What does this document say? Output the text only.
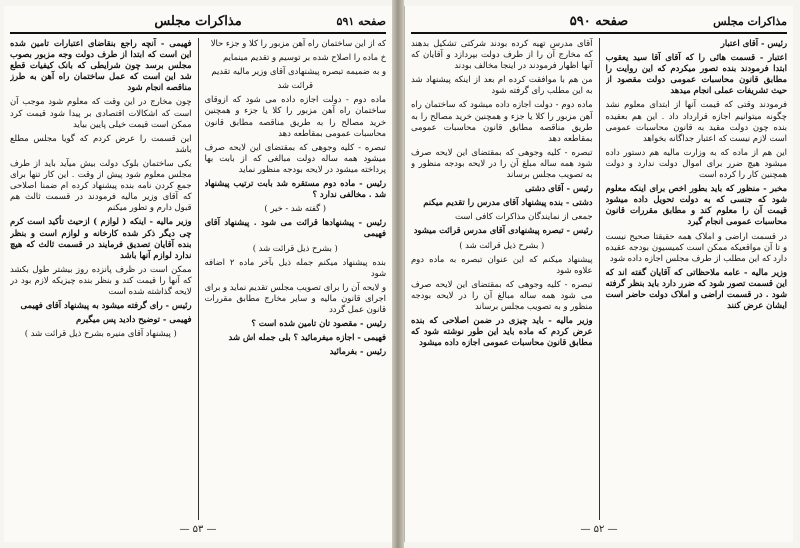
صفحه ۵۹۱
مذاکرات مجلس

که از این ساختمان راه آهن مزبور را کلا و جزء حالا

خ ماده را اصلاح شده بر توسیم و تقدیم مینمایم

و به ضمیمه تبصره پیشنهادی آقای وزیر مالیه تقدیم

قرائت شد

ماده دوم - دولت اجازه داده می شود که ازوقای ساختمان راه آهن مزبور را کلا یا جزء و همچنین خرید مصالح را به طریق مناقصه مطابق قانون محاسبات عمومی بمقاطعه دهد

تبصره - کلیه وجوهی که بمقتضای این لایحه صرف میشود همه ساله دولت مبالغی که از بابت بها پرداخته میشود در لایحه بودجه منظور نماید

رئیس - ماده دوم مستقره شد بابت ترتیب پیشنهاد شد . مخالفی ندارد ؟

( گفته شد - خیر )

رئیس - پیشنهادها قرائت می شود . پیشنهاد آقای فهیمی

( بشرح ذیل قرائت شد )

بنده پیشنهاد میکنم جمله ذیل بآخر ماده ۲ اضافه شود

و لایحه آن را برای تصویب مجلس تقدیم نماید و برای اجرای قانون مالیه و سایر مخارج مطابق مقررات قانون عمل گردد

رئیس - مقصود تان تامین شده است ؟

فهیمی - اجازه میفرمائید ؟ بلی جمله اش شد

رئیس - بفرمائید

فهیمی - آنچه راجع بنقاضای اعتبارات تامین شده این است که ابتدا از طرف دولت وجه مزبور بصوب مجلس برسد چون شرایطی که بانک کیفیات قطع شد این است که عمل ساختمان راه آهن به طرز مناقصه انجام شود

چون مخارج در این وقت که معلوم شود موجب آن است که اشکالات اقتصادی بر پیدا شود قیمت کرد ممکن است قیمت خیلی پایین بیاید

این قسمت را عرض کردم که گویا مجلس مطلع باشد

یکی ساختمان بلوک دولت بیش میآید باید از طرف مجلس معلوم شود پیش از وقت . این کار تنها برای جمع کردن نامه بنده پیشنهاد کرده ام ضمنا اصلاحی که آقای وزیر مالیه فرمودند در قسمت ثالث هم قبول دارم و تطور میکنم

وزیر مالیه - اینکه ( لوازم ) ازحیث تأکید است کرم چی دیگر ذکر شده کارخانه و لوازم است و بنظر بنده آقایان تصدیق فرمایند در قسمت ثالث که هیچ ندارد لوازم آنها باشد

ممکن است در ظرف پانزده روز بیشتر طول بکشد که آنها را قیمت کند و بنظر بنده چیزیکه لازم بود در لایحه گذاشته شده است

رئیس - رای گرفته میشود به پیشنهاد آقای فهیمی

فهیمی - توضیح دادید پس میگیرم

( پیشنهاد آقای منیره بشرح ذیل قرائت شد )

— ۵۳ —
مذاکرات مجلس
صفحه ۵۹۰

رئیس - آقای اعتبار

اعتبار - قسمت هائی را که آقای آقا سید یعقوب ابتدا فرمودند بنده تصور میکردم که این روایت را مطابق قانون محاسبات عمومی دولت مقصود از حیث تشریفات عملی انجام میدهد

فرمودند وقتی که قیمت آنها از ابتدای معلوم نشد چگونه میتوانیم اجازه قرارداد داد . این هم بعقیده بنده چون دولت مقید به قانون محاسبات عمومی است لازم نیست که اعتبار جداگانه بخواهد

این هم از ماده که به وزارت مالیه هم دستور داده میشود هیچ ضرر برای اموال دولت ندارد و دولت همچنین کار را کرده است

مخبر - منظور که باید بطور اخص برای اینکه معلوم شود که جنسی که به دولت تحویل داده میشود قیمت آن را معلوم کند و مطابق مقررات قانون محاسبات عمومی انجام گیرد

در قسمت اراضی و املاک همه حقیقتا صحیح نیست و تا آن مواقعیکه ممکن است کمیسیون بودجه عقیده دارد که این مطلب از طرف مجلس اجازه داده شود

وزیر مالیه - عامه ملاحظاتی که آقایان گفته اند که این قسمت تصور شود که ضرر دارد باید بنظر گرفته شود . در قسمت اراضی و املاک دولت حاضر است ایشان عرض کنند

آقای مدرس تهیه کرده بودند شرکتی تشکیل بدهند که مخارج آن را از طرف دولت بپردازد و آقایان که آنها اظهار فرمودند در اینجا مخالف بودند

من هم با موافقت کرده ام بعد از اینکه پیشنهاد شد به این مطلب رای گرفته شود

ماده دوم - دولت اجازه داده میشود که ساختمان راه آهن مزبور را کلا یا جزء و همچنین خرید مصالح را به طریق مناقصه مطابق قانون محاسبات عمومی بمقاطعه دهد

تبصره - کلیه وجوهی که بمقتضای این لایحه صرف شود همه ساله مبلغ آن را در لایحه بودجه منظور و به تصویب مجلس برساند

رئیس - آقای دشتی

دشتی - بنده پیشنهاد آقای مدرس را تقدیم میکنم

جمعی از نمایندگان مذاکرات کافی است

رئیس - تبصره پیشنهادی آقای مدرس قرائت میشود

( بشرح ذیل قرائت شد )

پیشنهاد میکنم که این عنوان تبصره به ماده دوم علاوه شود

تبصره - کلیه وجوهی که بمقتضای این لایحه صرف می شود همه ساله مبالغ آن را در لایحه بودجه منظور و به تصویب مجلس برساند

وزیر مالیه - باید چیزی در ضمن اصلاحی که بنده عرض کردم که ماده باید این طور نوشته شود که مطابق قانون محاسبات عمومی اجازه داده میشود

— ۵۲ —
